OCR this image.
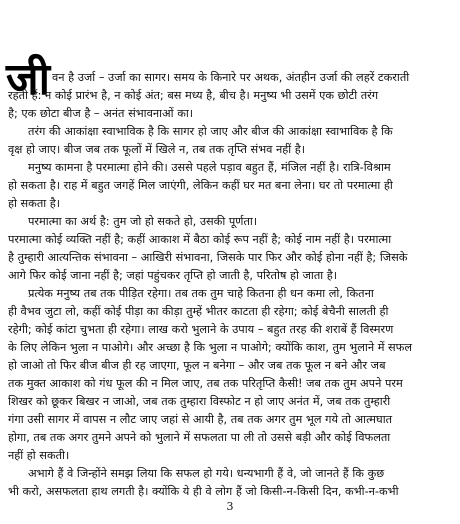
जी वन है उर्जा – उर्जा का सागर। समय के किनारे पर अथक, अंतहीन उर्जा की लहरें टकराती
रहती हैं: न कोई प्रारंभ है, न कोई अंत; बस मध्य है, बीच है। मनुष्य भी उसमें एक छोटी तरंग
है; एक छोटा बीज है – अनंत संभावनाओं का।
तरंग की आकांक्षा स्वाभाविक है कि सागर हो जाए और बीज की आकांक्षा स्वाभाविक है कि
वृक्ष हो जाए। बीज जब तक फूलों में खिले न, तब तक तृप्ति संभव नहीं है।
मनुष्य कामना है परमात्मा होने की। उससे पहले पड़ाव बहुत हैं, मंजिल नहीं है। रात्रि-विश्राम
हो सकता है। राह में बहुत जगहें मिल जाएंगी, लेकिन कहीं घर मत बना लेना। घर तो परमात्मा ही
हो सकता है।
परमात्मा का अर्थ है: तुम जो हो सकते हो, उसकी पूर्णता।
परमात्मा कोई व्यक्ति नहीं है; कहीं आकाश में बैठा कोई रूप नहीं है; कोई नाम नहीं है। परमात्मा
है तुम्हारी आत्यन्तिक संभावना – आखिरी संभावना, जिसके पार फिर और कोई होना नहीं है; जिसके
आगे फिर कोई जाना नहीं है; जहां पहुंचकर तृप्ति हो जाती है, परितोष हो जाता है।
प्रत्येक मनुष्य तब तक पीड़ित रहेगा। तब तक तुम चाहे कितना ही धन कमा लो, कितना
ही वैभव जुटा लो, कहीं कोई पीड़ा का कीड़ा तुम्हें भीतर काटता ही रहेगा; कोई बेचैनी सालती ही
रहेगी; कोई कांटा चुभता ही रहेगा। लाख करो भुलाने के उपाय – बहुत तरह की शराबें हैं विस्मरण
के लिए लेकिन भुला न पाओगे। और अच्छा है कि भुला न पाओगे; क्योंकि काश, तुम भुलाने में सफल
हो जाओ तो फिर बीज बीज ही रह जाएगा, फूल न बनेगा – और जब तक फूल न बने और जब
तक मुक्त आकाश को गंध फूल की न मिल जाए, तब तक परितृप्ति कैसी! जब तक तुम अपने परम
शिखर को छूकर बिखर न जाओ, जब तक तुम्हारा विस्फोट न हो जाए अनंत में, जब तक तुम्हारी
गंगा उसी सागर में वापस न लौट जाए जहां से आयी है, तब तक अगर तुम भूल गये तो आत्मघात
होगा, तब तक अगर तुमने अपने को भुलाने में सफलता पा ली तो उससे बड़ी और कोई विफलता
नहीं हो सकती।
अभागे हैं वे जिन्होंने समझ लिया कि सफल हो गये। धन्यभागी हैं वे, जो जानते हैं कि कुछ
भी करो, असफलता हाथ लगती है। क्योंकि ये ही वे लोग हैं जो किसी-न-किसी दिन, कभी-न-कभी
3
